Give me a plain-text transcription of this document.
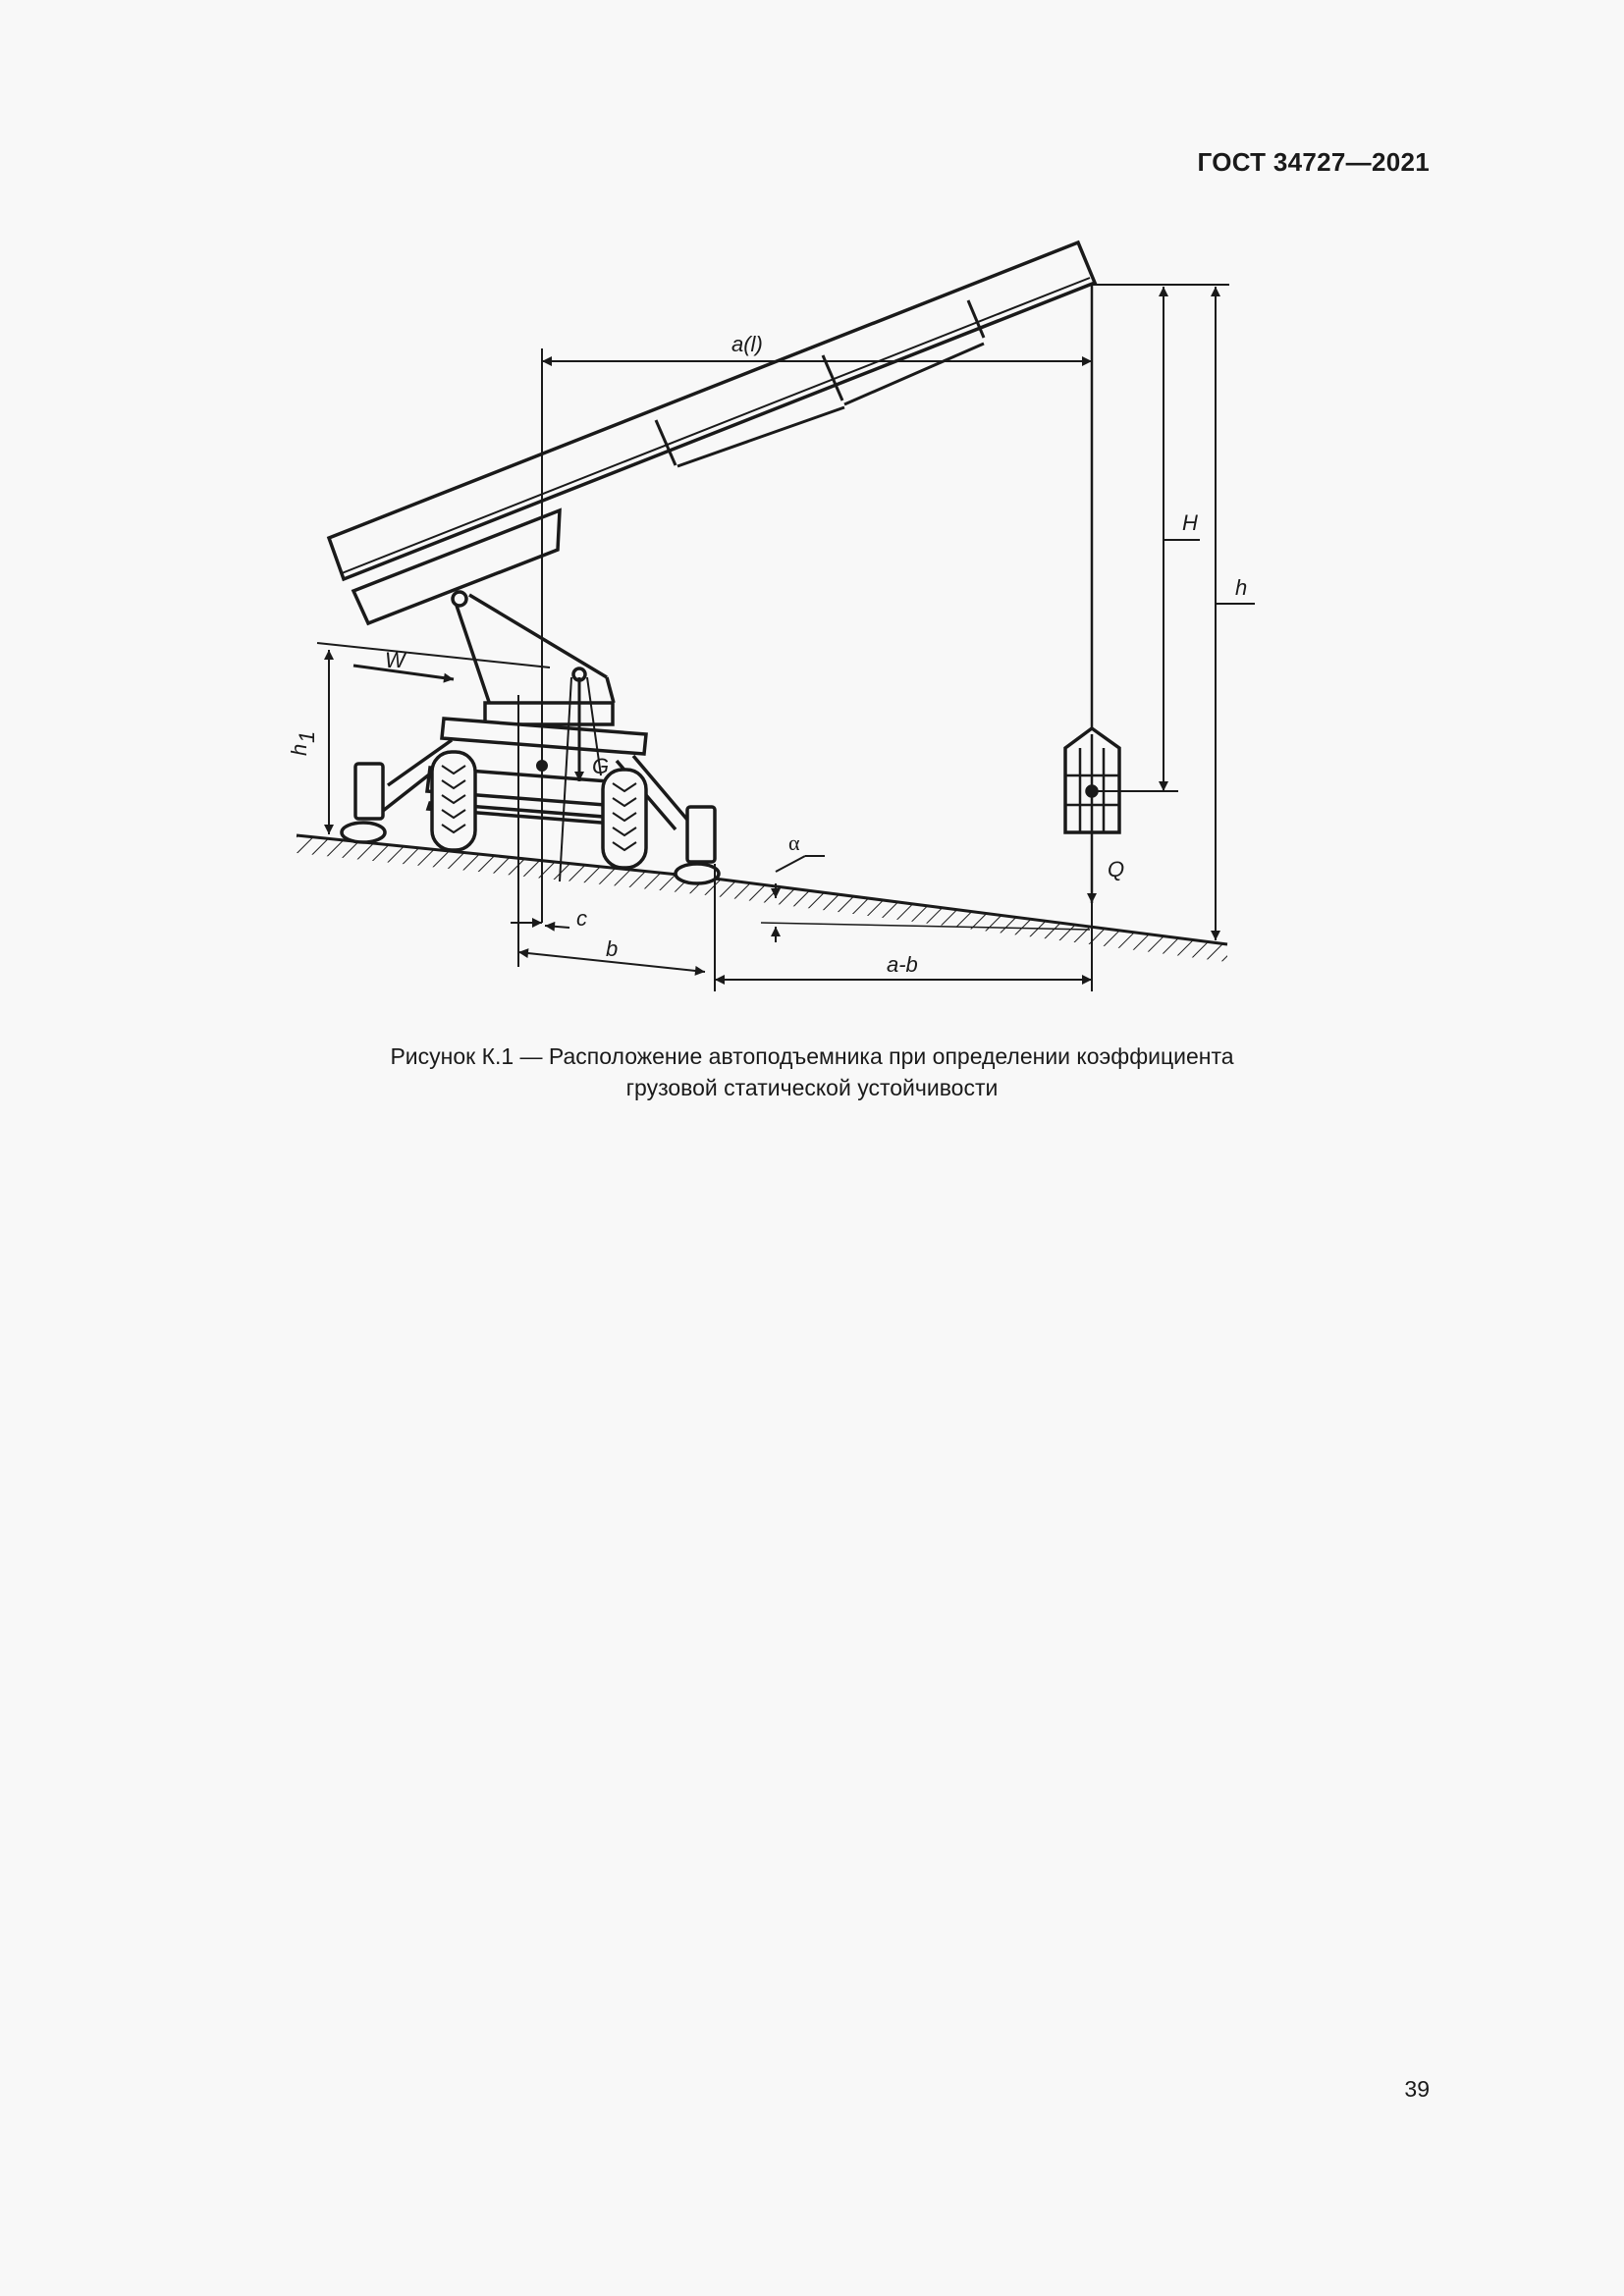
ГОСТ 34727—2021
a(l)
H
h
W
h
1
G
Q
α
c
b
a-b
Рисунок К.1 — Расположение автоподъемника при определении коэффициента
грузовой статической устойчивости
39
